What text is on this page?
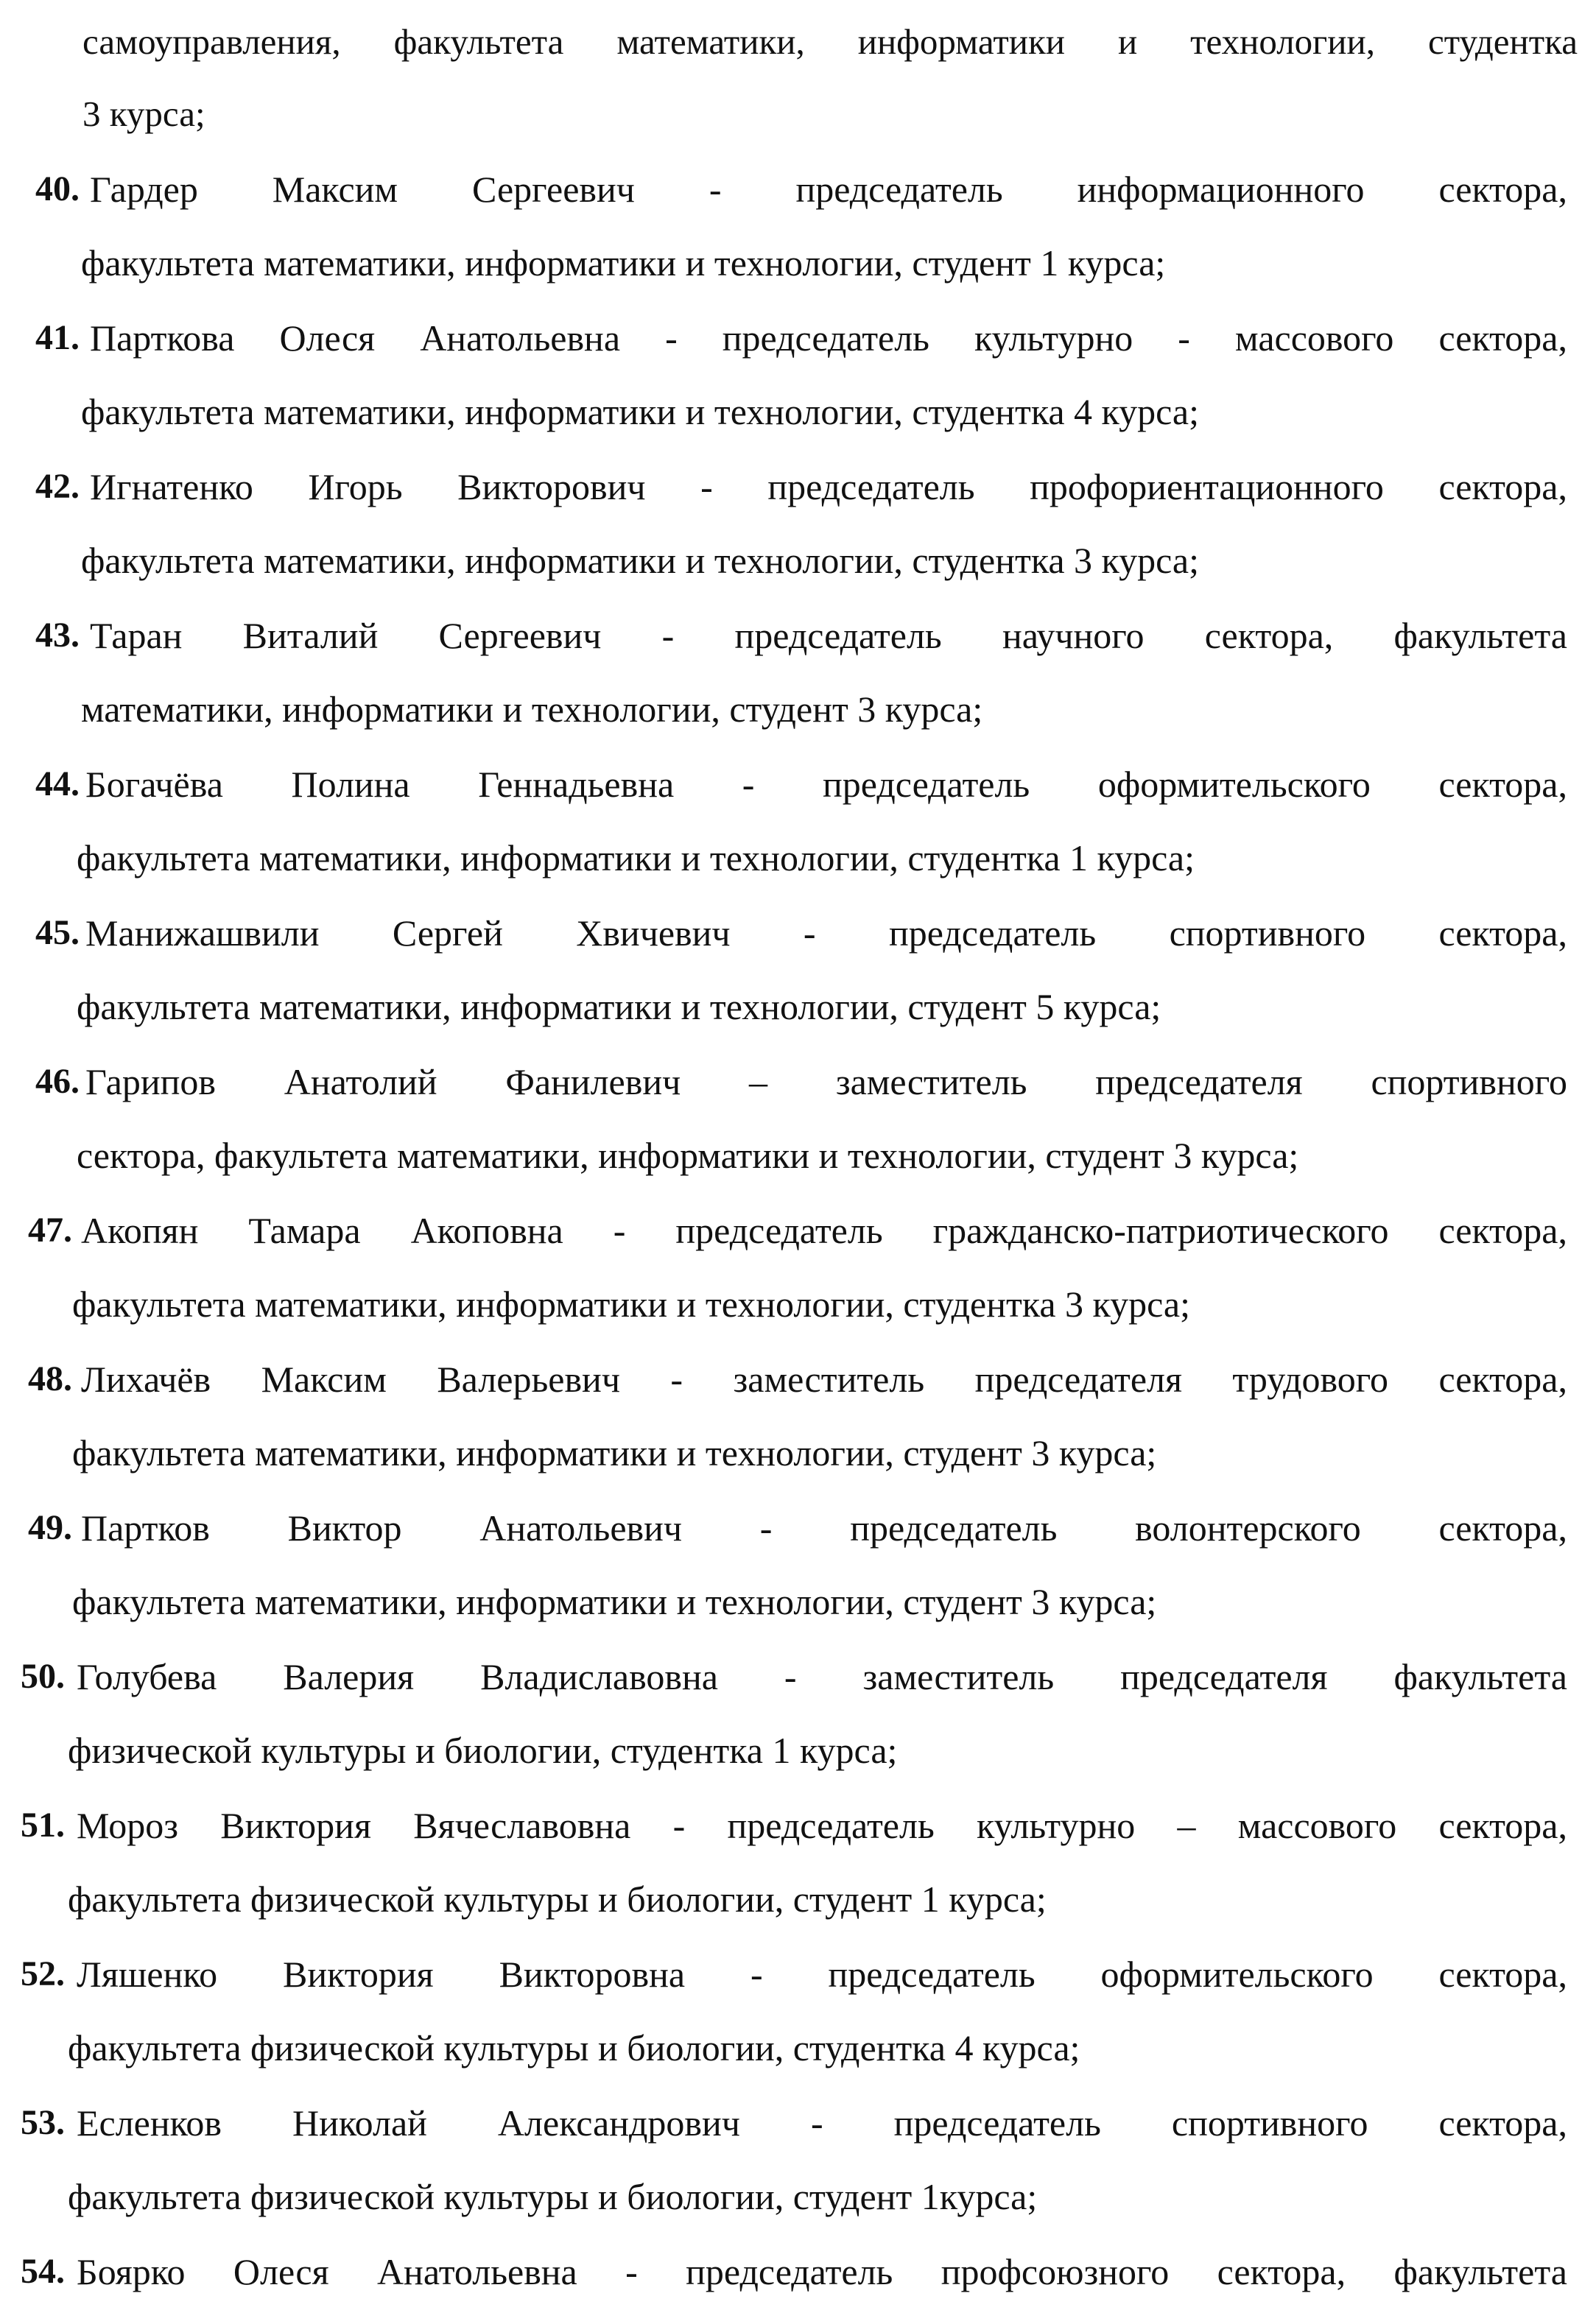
самоуправления, факультета математики, информатики и технологии, студентка

3 курса;

40. Гардер Максим Сергеевич - председатель информационного сектора,
факультета математики, информатики и технологии, студент 1 курса;
41. Парткова Олеся Анатольевна - председатель культурно - массового сектора,
факультета математики, информатики и технологии, студентка 4 курса;
42. Игнатенко Игорь Викторович - председатель профориентационного сектора,
факультета математики, информатики и технологии, студентка 3 курса;
43. Таран Виталий Сергеевич - председатель научного сектора, факультета
математики, информатики и технологии, студент 3 курса;
44. Богачёва Полина Геннадьевна - председатель оформительского сектора,
факультета математики, информатики и технологии, студентка 1 курса;
45. Манижашвили Сергей Хвичевич - председатель спортивного сектора,
факультета математики, информатики и технологии, студент 5 курса;
46. Гарипов Анатолий Фанилевич – заместитель председателя спортивного
сектора, факультета математики, информатики и технологии, студент 3 курса;
47. Акопян Тамара Акоповна - председатель гражданско-патриотического сектора,
факультета математики, информатики и технологии, студентка 3 курса;
48. Лихачёв Максим Валерьевич - заместитель председателя трудового сектора,
факультета математики, информатики и технологии, студент 3 курса;
49. Партков Виктор Анатольевич - председатель волонтерского сектора,
факультета математики, информатики и технологии, студент 3 курса;
50. Голубева Валерия Владиславовна - заместитель председателя факультета
физической культуры и биологии, студентка 1 курса;
51. Мороз Виктория Вячеславовна - председатель культурно – массового сектора,
факультета физической культуры и биологии, студент 1 курса;
52. Ляшенко Виктория Викторовна - председатель оформительского сектора,
факультета физической культуры и биологии, студентка 4 курса;
53. Есленков Николай Александрович - председатель спортивного сектора,
факультета физической культуры и биологии, студент 1курса;
54. Боярко Олеся Анатольевна - председатель профсоюзного сектора, факультета
